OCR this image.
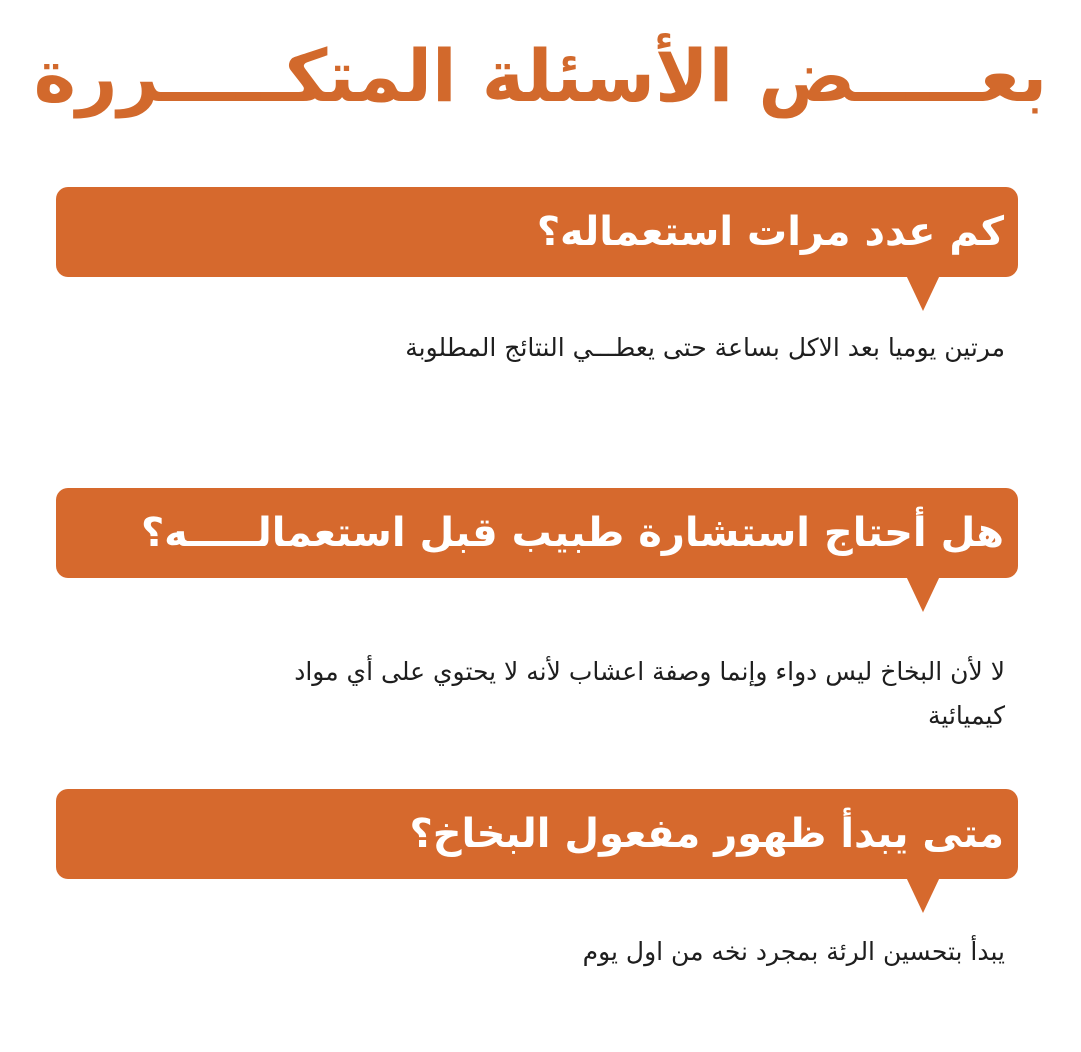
بعـــــض الأسئلة المتكـــــررة
كم عدد مرات استعماله؟
مرتين يوميا بعد الاكل بساعة حتى يعطـــي النتائج المطلوبة
هل أحتاج استشارة طبيب قبل استعمالـــــه؟
لا لأن البخاخ ليس دواء وإنما وصفة اعشاب لأنه لا يحتوي على أي مواد كيميائية
متى يبدأ ظهور مفعول البخاخ؟
يبدأ بتحسين الرئة بمجرد نخه من اول يوم
